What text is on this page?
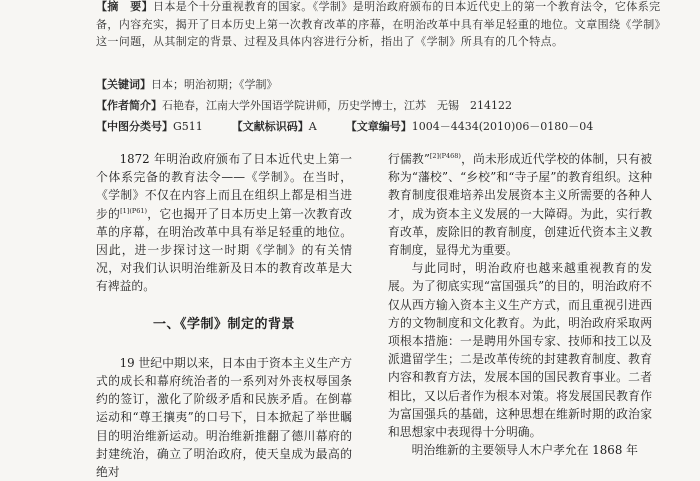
【摘　要】日本是个十分重视教育的国家。《学制》是明治政府颁布的日本近代史上的第一个教育法令，它体系完备，内容充实，揭开了日本历史上第一次教育改革的序幕，在明治改革中具有举足轻重的地位。文章围绕《学制》这一问题，从其制定的背景、过程及具体内容进行分析，指出了《学制》所具有的几个特点。
【关键词】日本；明治初期；《学制》
【作者简介】石艳春，江南大学外国语学院讲师，历史学博士，江苏　无锡　214122
【中图分类号】G511	【文献标识码】A	【文章编号】1004－4434(2010)06－0180－04

1872 年明治政府颁布了日本近代史上第一个体系完备的教育法令——《学制》。在当时，《学制》不仅在内容上而且在组织上都是相当进步的$^{[1](P61)}$，它也揭开了日本历史上第一次教育改革的序幕，在明治改革中具有举足轻重的地位。因此，进一步探讨这一时期《学制》的有关情况，对我们认识明治维新及日本的教育改革是大有裨益的。

一、《学制》制定的背景

19 世纪中期以来，日本由于资本主义生产方式的成长和幕府统治者的一系列对外丧权辱国条约的签订，激化了阶级矛盾和民族矛盾。在倒幕运动和“尊王攘夷”的口号下，日本掀起了举世瞩目的明治维新运动。明治维新推翻了德川幕府的封建统治，确立了明治政府，使天皇成为最高的绝对

行儒教”$^{[2](P468)}$，尚未形成近代学校的体制，只有被称为“藩校”、“乡校”和“寺子屋”的教育组织。这种教育制度很难培养出发展资本主义所需要的各种人才，成为资本主义发展的一大障碍。为此，实行教育改革，废除旧的教育制度，创建近代资本主义教育制度，显得尤为重要。

与此同时，明治政府也越来越重视教育的发展。为了彻底实现“富国强兵”的目的，明治政府不仅从西方输入资本主义生产方式，而且重视引进西方的文物制度和文化教育。为此，明治政府采取两项根本措施：一是聘用外国专家、技师和技工以及派遣留学生；二是改革传统的封建教育制度、教育内容和教育方法，发展本国的国民教育事业。二者相比，又以后者作为根本对策。将发展国民教育作为富国强兵的基础，这种思想在维新时期的政治家和思想家中表现得十分明确。

明治维新的主要领导人木户孝允在 1868 年
